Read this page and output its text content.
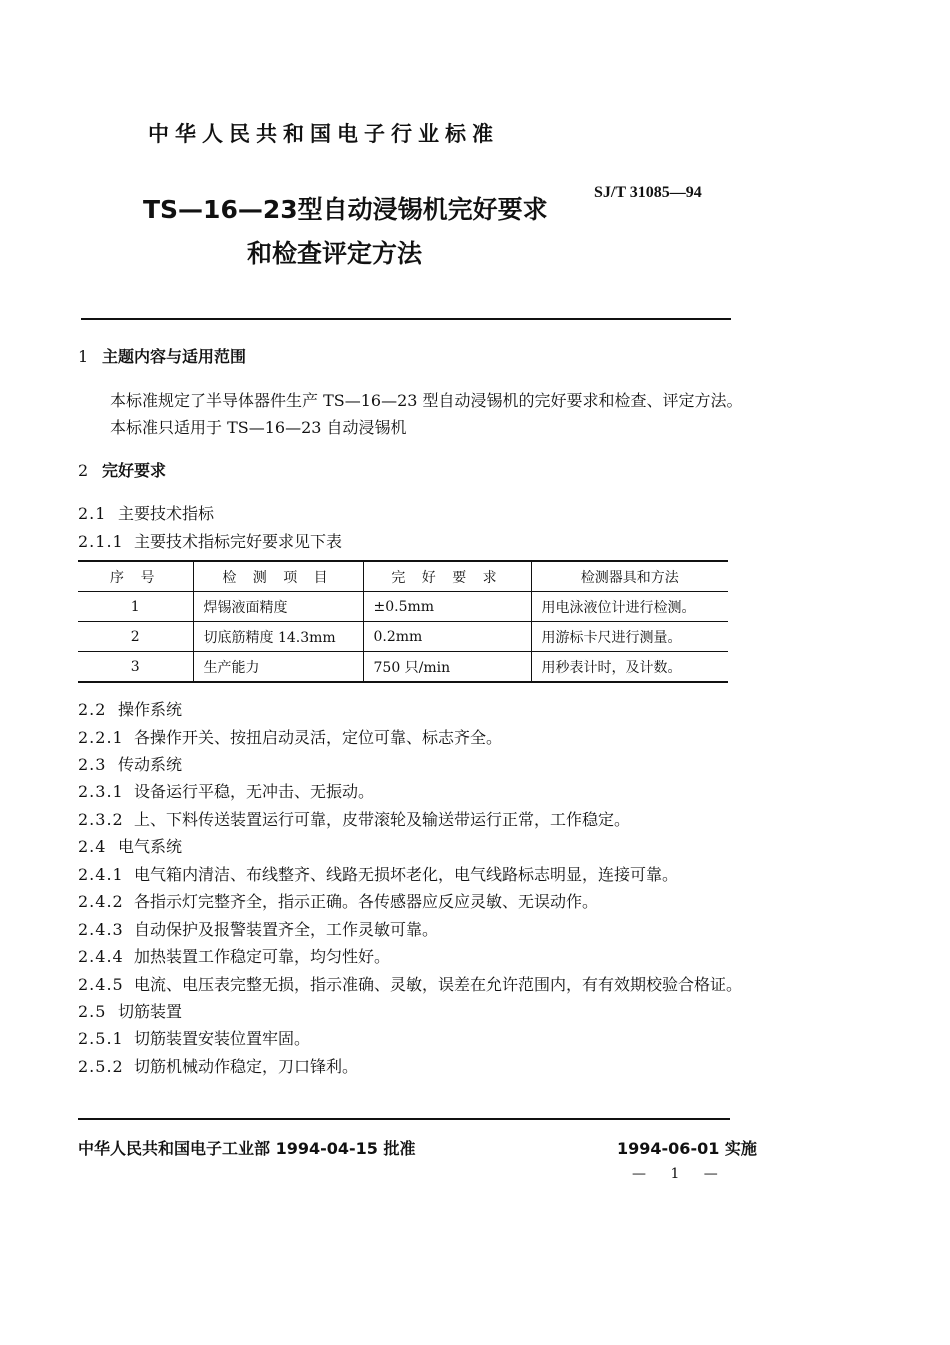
中华人民共和国电子行业标准
SJ/T 31085—94
TS—16—23型自动浸锡机完好要求
和检查评定方法
1 主题内容与适用范围
本标准规定了半导体器件生产 TS—16—23 型自动浸锡机的完好要求和检查、评定方法。
本标准只适用于 TS—16—23 自动浸锡机
2 完好要求
2.1 主要技术指标
2.1.1 主要技术指标完好要求见下表
序 号	检 测 项 目	完 好 要 求	检测器具和方法
1	焊锡液面精度	±0.5mm	用电泳液位计进行检测。
2	切底筋精度 14.3mm	0.2mm	用游标卡尺进行测量。
3	生产能力	750 只/min	用秒表计时，及计数。
2.2 操作系统
2.2.1 各操作开关、按扭启动灵活，定位可靠、标志齐全。
2.3 传动系统
2.3.1 设备运行平稳，无冲击、无振动。
2.3.2 上、下料传送装置运行可靠，皮带滚轮及输送带运行正常，工作稳定。
2.4 电气系统
2.4.1 电气箱内清洁、布线整齐、线路无损坏老化，电气线路标志明显，连接可靠。
2.4.2 各指示灯完整齐全，指示正确。各传感器应反应灵敏、无误动作。
2.4.3 自动保护及报警装置齐全，工作灵敏可靠。
2.4.4 加热装置工作稳定可靠，均匀性好。
2.4.5 电流、电压表完整无损，指示准确、灵敏，误差在允许范围内，有有效期校验合格证。
2.5 切筋装置
2.5.1 切筋装置安装位置牢固。
2.5.2 切筋机械动作稳定，刀口锋利。
中华人民共和国电子工业部 1994-04-15 批准	1994-06-01 实施
— 1 —
